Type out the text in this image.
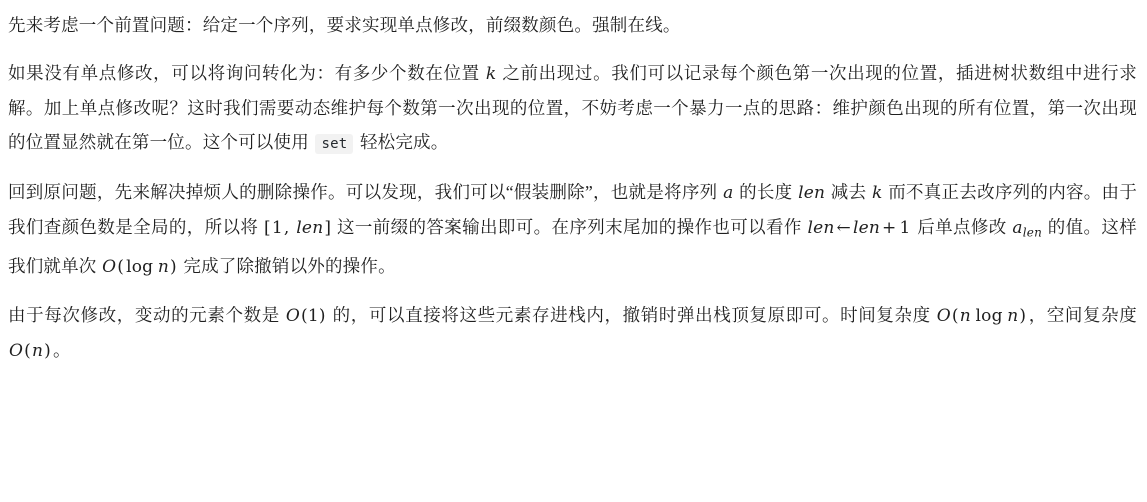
先来考虑一个前置问题：给定一个序列，要求实现单点修改，前缀数颜色。强制在线。

如果没有单点修改，可以将询问转化为：有多少个数在位置 k 之前出现过。我们可以记录每个颜色第一次出现的位置，插进树状数组中进行求解。加上单点修改呢？这时我们需要动态维护每个数第一次出现的位置，不妨考虑一个暴力一点的思路：维护颜色出现的所有位置，第一次出现的位置显然就在第一位。这个可以使用 set 轻松完成。

回到原问题，先来解决掉烦人的删除操作。可以发现，我们可以“假装删除”，也就是将序列 a 的长度 len 减去 k 而不真正去改序列的内容。由于我们查颜色数是全局的，所以将 [1, len] 这一前缀的答案输出即可。在序列末尾加的操作也可以看作 len ← len + 1 后单点修改 $a_{len}$ 的值。这样我们就单次 O( log n) 完成了除撤销以外的操作。

由于每次修改，变动的元素个数是 O(1) 的，可以直接将这些元素存进栈内，撤销时弹出栈顶复原即可。时间复杂度 O(n log n) ，空间复杂度 O(n) 。
